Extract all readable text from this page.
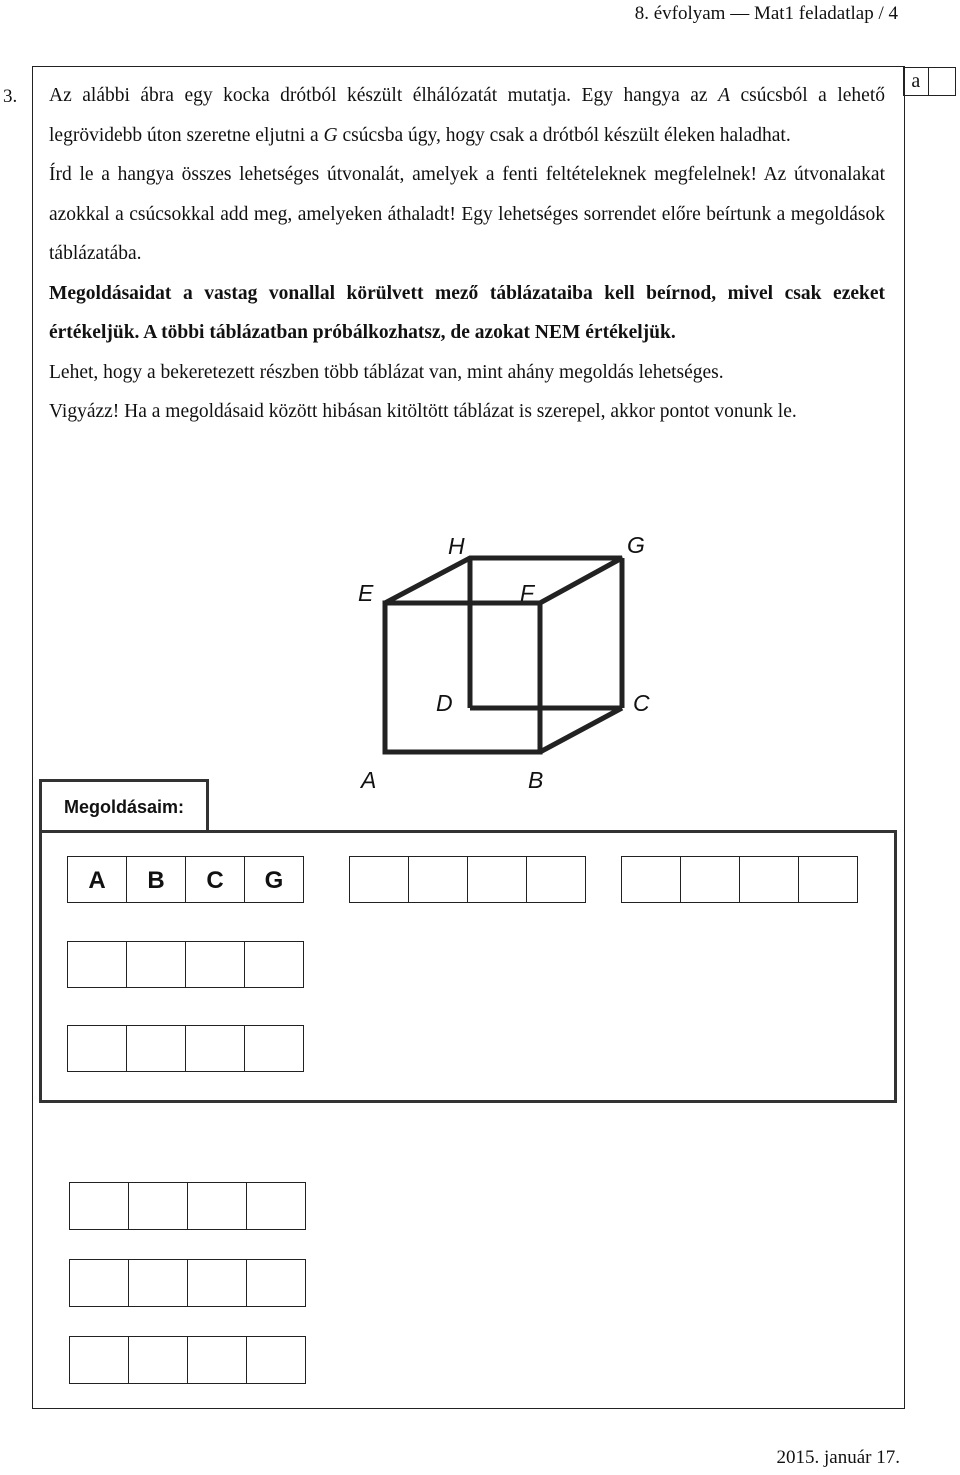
8. évfolyam — Mat1 feladatlap / 4
3.
a

Az alábbi ábra egy kocka drótból készült élhálózatát mutatja. Egy hangya az A csúcsból a lehető legrövidebb úton szeretne eljutni a G csúcsba úgy, hogy csak a drótból készült éleken haladhat.

Írd le a hangya összes lehetséges útvonalát, amelyek a fenti feltételeknek megfelelnek! Az útvonalakat azokkal a csúcsokkal add meg, amelyeken áthaladt! Egy lehetséges sorrendet előre beírtunk a megoldások táblázatába.

Megoldásaidat a vastag vonallal körülvett mező táblázataiba kell beírnod, mivel csak ezeket értékeljük. A többi táblázatban próbálkozhatsz, de azokat NEM értékeljük.

Lehet, hogy a bekeretezett részben több táblázat van, mint ahány megoldás lehetséges.

Vigyázz! Ha a megoldásaid között hibásan kitöltött táblázat is szerepel, akkor pontot vonunk le.

H	G
E	F
D	C
A	B
Megoldásaim:
A	B	C	G
2015. január 17.
